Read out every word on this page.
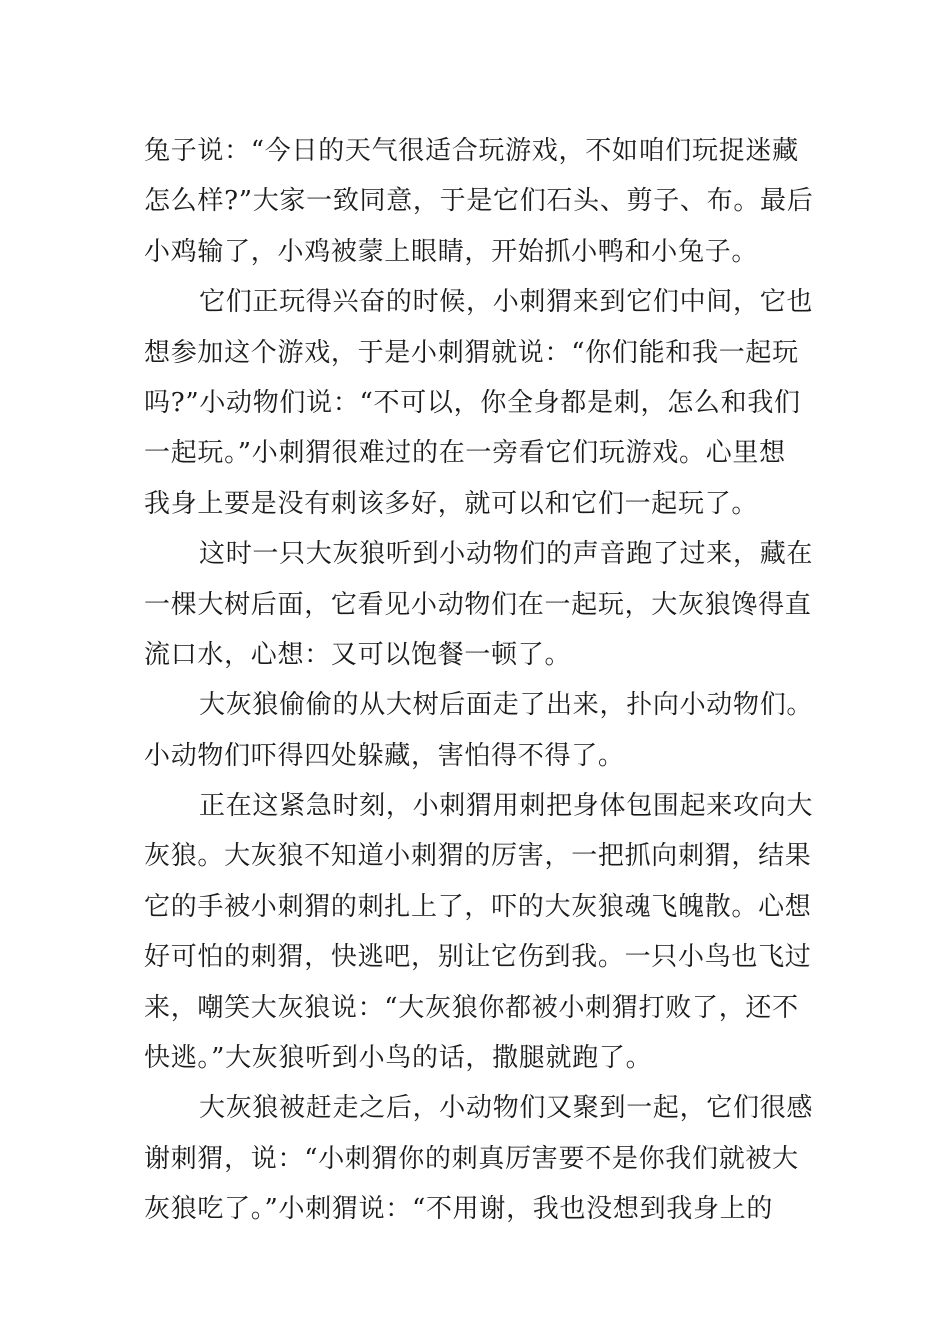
兔子说：“今日的天气很适合玩游戏，不如咱们玩捉迷藏
怎么样?”大家一致同意，于是它们石头、剪子、布。最后
小鸡输了，小鸡被蒙上眼睛，开始抓小鸭和小兔子。
它们正玩得兴奋的时候，小刺猬来到它们中间，它也
想参加这个游戏，于是小刺猬就说：“你们能和我一起玩
吗?”小动物们说：“不可以，你全身都是刺，怎么和我们
一起玩。”小刺猬很难过的在一旁看它们玩游戏。心里想
我身上要是没有刺该多好，就可以和它们一起玩了。
这时一只大灰狼听到小动物们的声音跑了过来，藏在
一棵大树后面，它看见小动物们在一起玩，大灰狼馋得直
流口水，心想：又可以饱餐一顿了。
大灰狼偷偷的从大树后面走了出来，扑向小动物们。
小动物们吓得四处躲藏，害怕得不得了。
正在这紧急时刻，小刺猬用刺把身体包围起来攻向大
灰狼。大灰狼不知道小刺猬的厉害，一把抓向刺猬，结果
它的手被小刺猬的刺扎上了，吓的大灰狼魂飞魄散。心想
好可怕的刺猬，快逃吧，别让它伤到我。一只小鸟也飞过
来，嘲笑大灰狼说：“大灰狼你都被小刺猬打败了，还不
快逃。”大灰狼听到小鸟的话，撒腿就跑了。
大灰狼被赶走之后，小动物们又聚到一起，它们很感
谢刺猬，说：“小刺猬你的刺真厉害要不是你我们就被大
灰狼吃了。”小刺猬说：“不用谢，我也没想到我身上的
